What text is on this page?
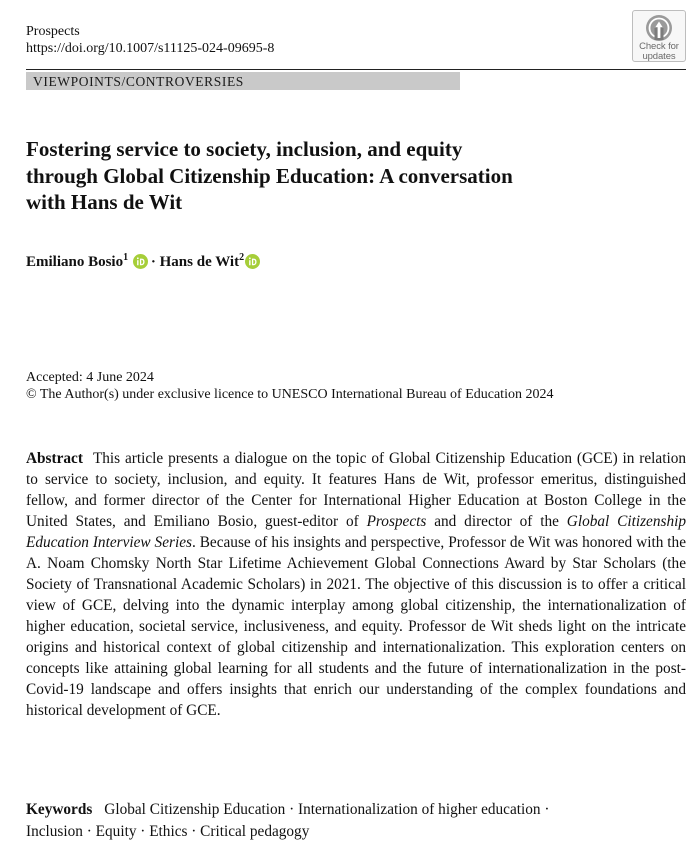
Prospects
https://doi.org/10.1007/s11125-024-09695-8	Check for
updates
VIEWPOINTS/CONTROVERSIES
Fostering service to society, inclusion, and equity
through Global Citizenship Education: A conversation
with Hans de Wit
Emiliano Bosio$^1$ · Hans de Wit$^2$
Accepted: 4 June 2024
© The Author(s) under exclusive licence to UNESCO International Bureau of Education 2024

Abstract This article presents a dialogue on the topic of Global Citizenship Education (GCE) in relation to service to society, inclusion, and equity. It features Hans de Wit, professor emeritus, distinguished fellow, and former director of the Center for International Higher Education at Boston College in the United States, and Emiliano Bosio, guest-editor of Prospects and director of the Global Citizenship Education Interview Series. Because of his insights and perspective, Professor de Wit was honored with the A. Noam Chomsky North Star Lifetime Achievement Global Connections Award by Star Scholars (the Society of Transnational Academic Scholars) in 2021. The objective of this discussion is to offer a critical view of GCE, delving into the dynamic interplay among global citizenship, the internationalization of higher education, societal service, inclusiveness, and equity. Professor de Wit sheds light on the intricate origins and historical context of global citizenship and internationalization. This exploration centers on concepts like attaining global learning for all students and the future of internationalization in the post-Covid-19 landscape and offers insights that enrich our understanding of the complex foundations and historical development of GCE.

Keywords Global Citizenship Education · Internationalization of higher education ·
Inclusion · Equity · Ethics · Critical pedagogy
